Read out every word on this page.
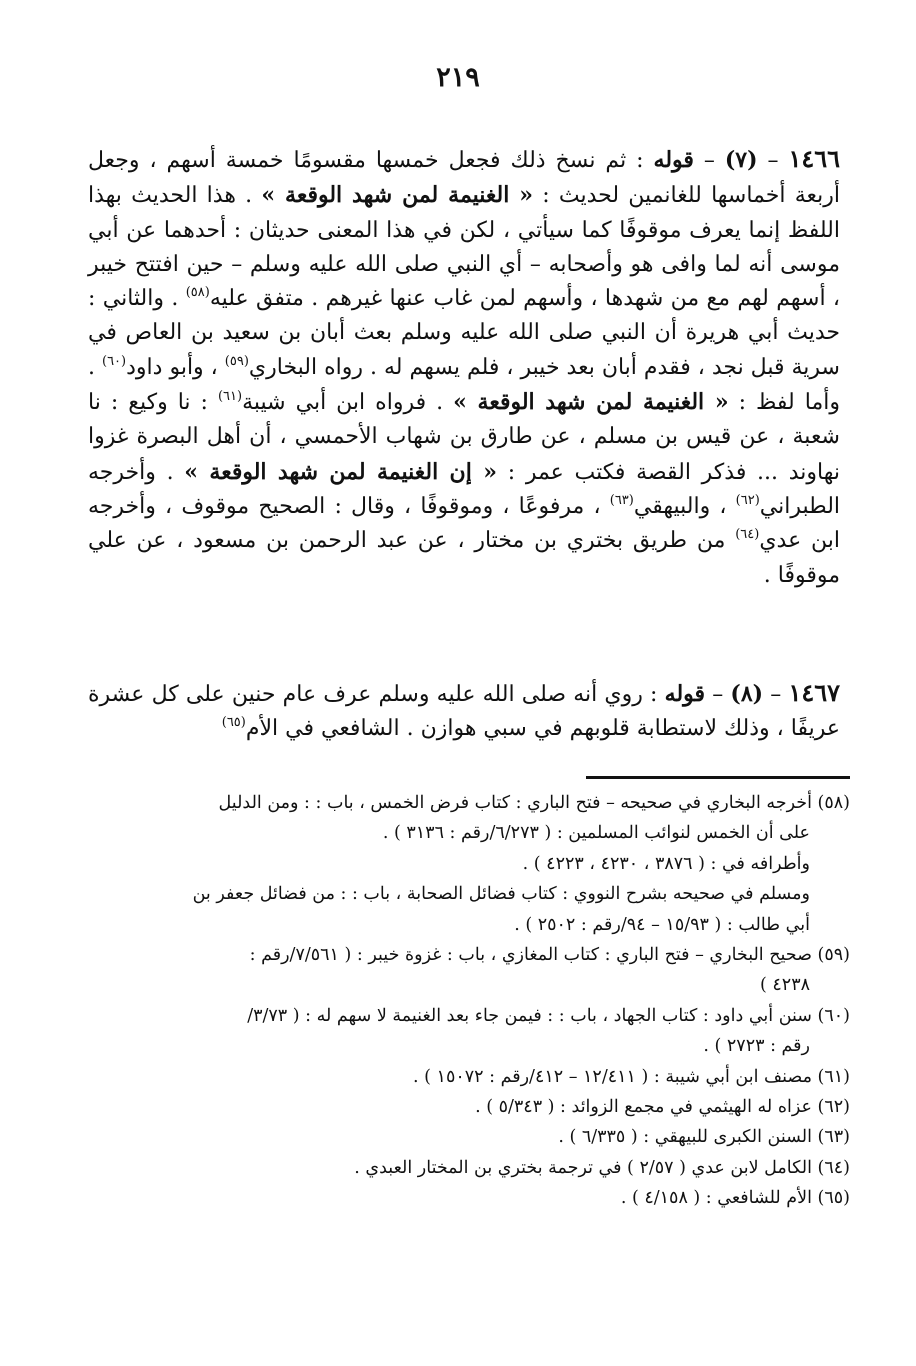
٢١٩

١٤٦٦ – (٧) – قوله : ثم نسخ ذلك فجعل خمسها مقسومًا خمسة أسهم ، وجعل أربعة أخماسها للغانمين لحديث : « الغنيمة لمن شهد الوقعة » . هذا الحديث بهذا اللفظ إنما يعرف موقوفًا كما سيأتي ، لكن في هذا المعنى حديثان : أحدهما عن أبي موسى أنه لما وافى هو وأصحابه – أي النبي صلى الله عليه وسلم – حين افتتح خيبر ، أسهم لهم مع من شهدها ، وأسهم لمن غاب عنها غيرهم . متفق عليه$^{(٥٨)}$ . والثاني : حديث أبي هريرة أن النبي صلى الله عليه وسلم بعث أبان بن سعيد بن العاص في سرية قبل نجد ، فقدم أبان بعد خيبر ، فلم يسهم له . رواه البخاري$^{(٥٩)}$ ، وأبو داود$^{(٦٠)}$ . وأما لفظ : « الغنيمة لمن شهد الوقعة » . فرواه ابن أبي شيبة$^{(٦١)}$ : نا وكيع : نا شعبة ، عن قيس بن مسلم ، عن طارق بن شهاب الأحمسي ، أن أهل البصرة غزوا نهاوند ... فذكر القصة فكتب عمر : « إن الغنيمة لمن شهد الوقعة » . وأخرجه الطبراني$^{(٦٢)}$ ، والبيهقي$^{(٦٣)}$ ، مرفوعًا ، وموقوفًا ، وقال : الصحيح موقوف ، وأخرجه ابن عدي$^{(٦٤)}$ من طريق بختري بن مختار ، عن عبد الرحمن بن مسعود ، عن علي موقوفًا .

١٤٦٧ – (٨) – قوله : روي أنه صلى الله عليه وسلم عرف عام حنين على كل عشرة عريفًا ، وذلك لاستطابة قلوبهم في سبي هوازن . الشافعي في الأم$^{(٦٥)}$

(٥٨) أخرجه البخاري في صحيحه – فتح الباري : كتاب فرض الخمس ، باب : : ومن الدليل

على أن الخمس لنوائب المسلمين : ( ٦/٢٧٣/رقم : ٣١٣٦ ) .

وأطرافه في : ( ٣٨٧٦ ، ٤٢٣٠ ، ٤٢٢٣ ) .

ومسلم في صحيحه بشرح النووي : كتاب فضائل الصحابة ، باب : : من فضائل جعفر بن

أبي طالب : ( ١٥/٩٣ – ٩٤/رقم : ٢٥٠٢ ) .

(٥٩) صحيح البخاري – فتح الباري : كتاب المغازي ، باب : غزوة خيبر : ( ٧/٥٦١/رقم :

٤٢٣٨ )

(٦٠) سنن أبي داود : كتاب الجهاد ، باب : : فيمن جاء بعد الغنيمة لا سهم له : ( ٣/٧٣/

رقم : ٢٧٢٣ ) .

(٦١) مصنف ابن أبي شيبة : ( ١٢/٤١١ – ٤١٢/رقم : ١٥٠٧٢ ) .

(٦٢) عزاه له الهيثمي في مجمع الزوائد : ( ٥/٣٤٣ ) .

(٦٣) السنن الكبرى للبيهقي : ( ٦/٣٣٥ ) .

(٦٤) الكامل لابن عدي ( ٢/٥٧ ) في ترجمة بختري بن المختار العبدي .

(٦٥) الأم للشافعي : ( ٤/١٥٨ ) .
